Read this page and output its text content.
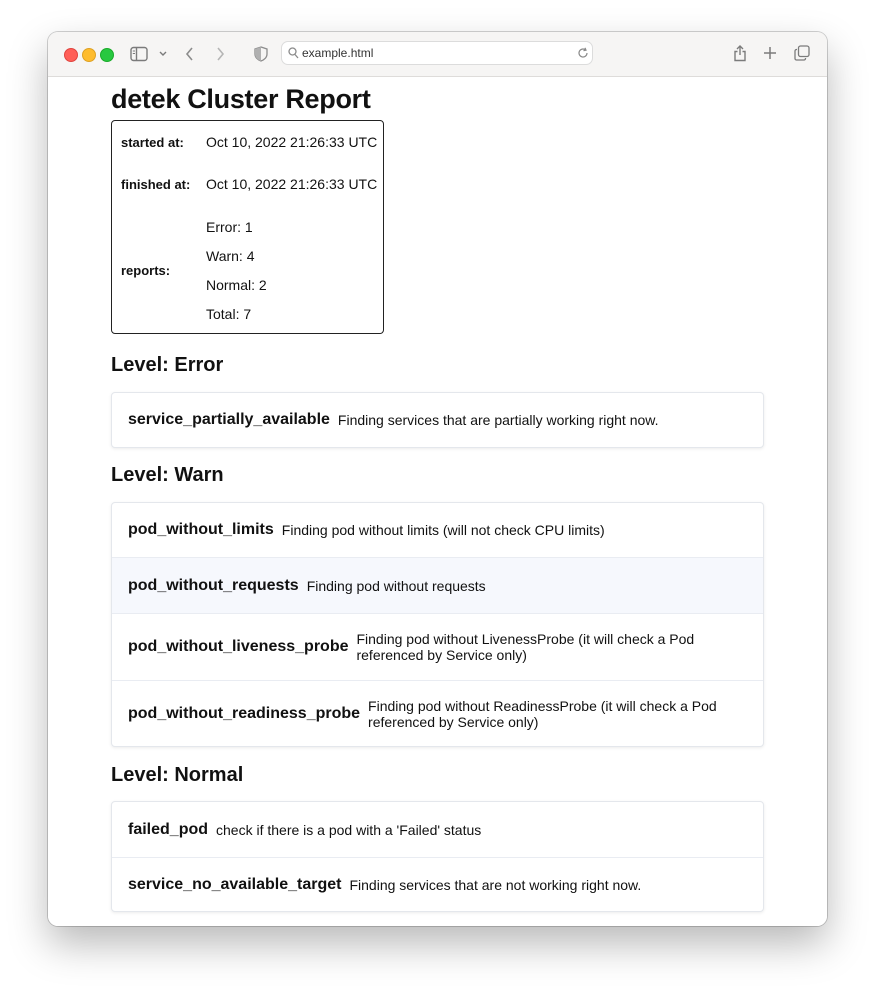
example.html
detek Cluster Report
started at: Oct 10, 2022 21:26:33 UTC
finished at: Oct 10, 2022 21:26:33 UTC
reports:
Error: 1
Warn: 4
Normal: 2
Total: 7
Level: Error
service_partially_available Finding services that are partially working right now.
Level: Warn
pod_without_limits Finding pod without limits (will not check CPU limits)
pod_without_requests Finding pod without requests
pod_without_liveness_probe Finding pod without LivenessProbe (it will check a Pod referenced by Service only)
pod_without_readiness_probe Finding pod without ReadinessProbe (it will check a Pod referenced by Service only)
Level: Normal
failed_pod check if there is a pod with a 'Failed' status
service_no_available_target Finding services that are not working right now.
